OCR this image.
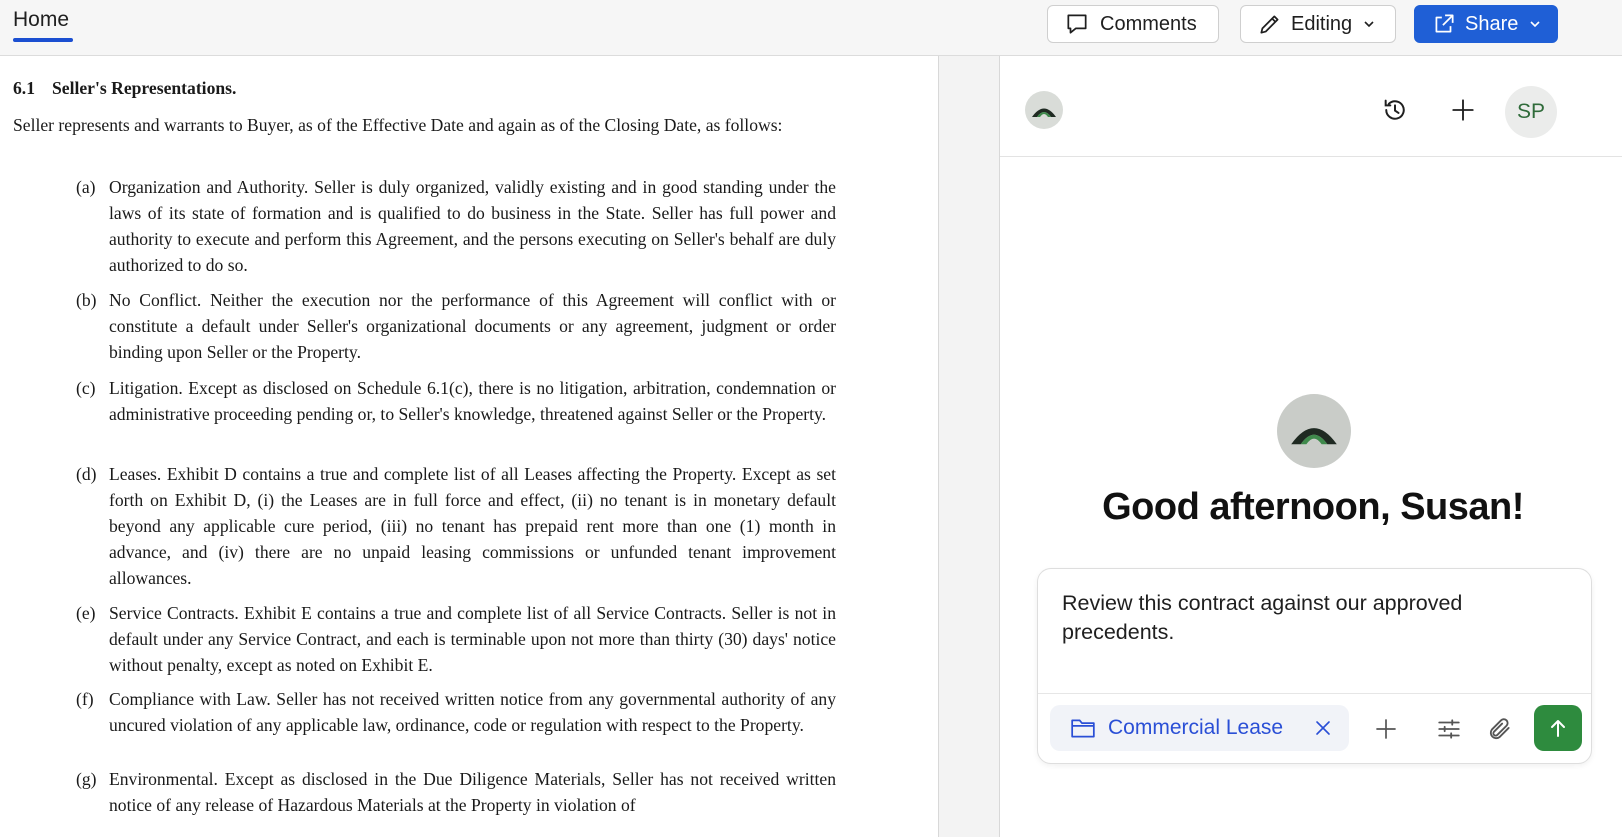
Home	Comments	Editing	Share
6.1 Seller's Representations.
Seller represents and warrants to Buyer, as of the Effective Date and again as of the Closing Date, as follows:
(a) Organization and Authority. Seller is duly organized, validly existing and in good standing under the laws of its state of formation and is qualified to do business in the State. Seller has full power and authority to execute and perform this Agreement, and the persons executing on Seller's behalf are duly authorized to do so.
(b) No Conflict. Neither the execution nor the performance of this Agreement will conflict with or constitute a default under Seller's organizational documents or any agreement, judgment or order binding upon Seller or the Property.
(c) Litigation. Except as disclosed on Schedule 6.1(c), there is no litigation, arbitration, condemnation or administrative proceeding pending or, to Seller's knowledge, threatened against Seller or the Property.
(d) Leases. Exhibit D contains a true and complete list of all Leases affecting the Property. Except as set forth on Exhibit D, (i) the Leases are in full force and effect, (ii) no tenant is in monetary default beyond any applicable cure period, (iii) no tenant has prepaid rent more than one (1) month in advance, and (iv) there are no unpaid leasing commissions or unfunded tenant improvement allowances.
(e) Service Contracts. Exhibit E contains a true and complete list of all Service Contracts. Seller is not in default under any Service Contract, and each is terminable upon not more than thirty (30) days' notice without penalty, except as noted on Exhibit E.
(f) Compliance with Law. Seller has not received written notice from any governmental authority of any uncured violation of any applicable law, ordinance, code or regulation with respect to the Property.
(g) Environmental. Except as disclosed in the Due Diligence Materials, Seller has not received written notice of any release of Hazardous Materials at the Property in violation of
SP
Good afternoon, Susan!
Review this contract against our approved precedents.
Commercial Lease
